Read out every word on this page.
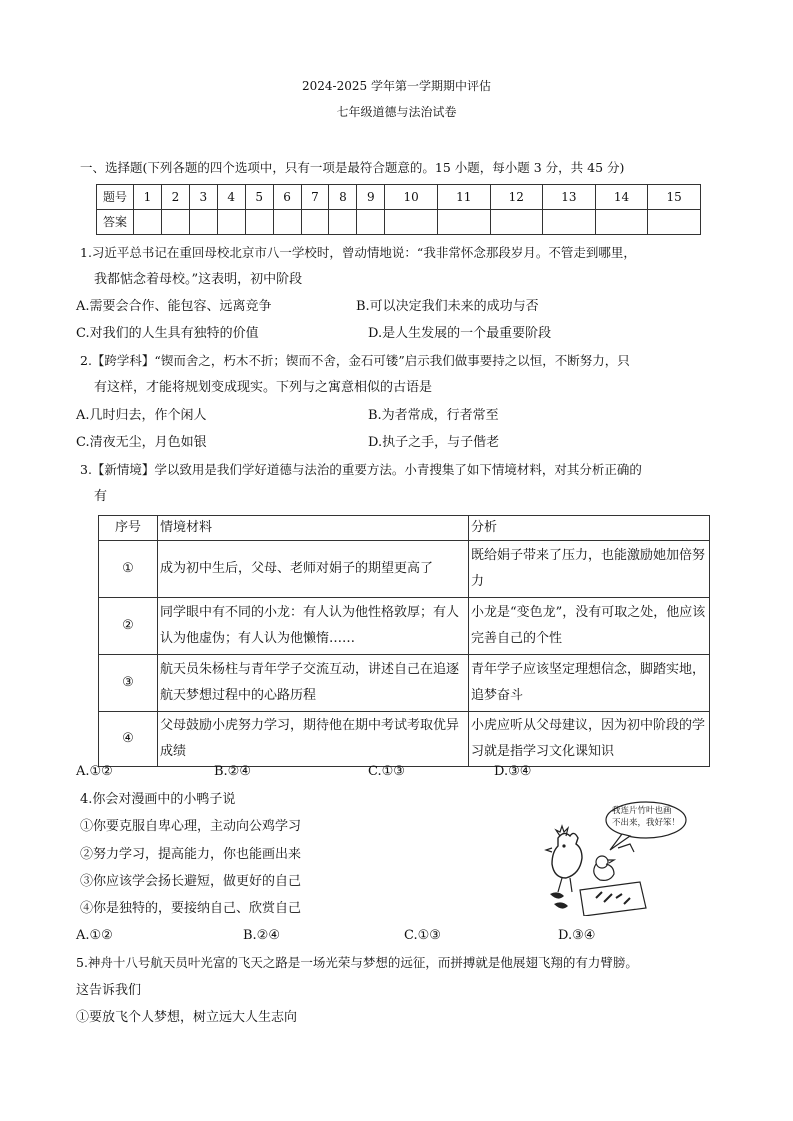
2024-2025 学年第一学期期中评估
七年级道德与法治试卷
一、选择题(下列各题的四个选项中，只有一项是最符合题意的。15 小题，每小题 3 分，共 45 分)
题号	1	2	3	4	5	6	7	8	9	10	11	12	13	14	15
答案															
1.习近平总书记在重回母校北京市八一学校时，曾动情地说：“我非常怀念那段岁月。不管走到哪里，
我都惦念着母校。”这表明，初中阶段
A.需要会合作、能包容、远离竞争	B.可以决定我们未来的成功与否
C.对我们的人生具有独特的价值	D.是人生发展的一个最重要阶段
2.【跨学科】“锲而舍之，朽木不折；锲而不舍，金石可镂”启示我们做事要持之以恒，不断努力，只
有这样，才能将规划变成现实。下列与之寓意相似的古语是
A.几时归去，作个闲人	B.为者常成，行者常至
C.清夜无尘，月色如银	D.执子之手，与子偕老
3.【新情境】学以致用是我们学好道德与法治的重要方法。小青搜集了如下情境材料，对其分析正确的
有
序号	情境材料	分析
①	成为初中生后，父母、老师对娟子的期望更高了	既给娟子带来了压力，也能激励她加倍努力
②	同学眼中有不同的小龙：有人认为他性格敦厚；有人认为他虚伪；有人认为他懒惰……	小龙是“变色龙”，没有可取之处，他应该完善自己的个性
③	航天员朱杨柱与青年学子交流互动，讲述自己在追逐航天梦想过程中的心路历程	青年学子应该坚定理想信念，脚踏实地，追梦奋斗
④	父母鼓励小虎努力学习，期待他在期中考试考取优异成绩	小虎应听从父母建议，因为初中阶段的学习就是指学习文化课知识
A.①②	B.②④	C.①③	D.③④
4.你会对漫画中的小鸭子说
①你要克服自卑心理，主动向公鸡学习
②努力学习，提高能力，你也能画出来
③你应该学会扬长避短，做更好的自己
④你是独特的，要接纳自己、欣赏自己
我连片竹叶也画
不出来，我好笨！
A.①②	B.②④	C.①③	D.③④
5.神舟十八号航天员叶光富的飞天之路是一场光荣与梦想的远征，而拼搏就是他展翅飞翔的有力臂膀。
这告诉我们
①要放飞个人梦想，树立远大人生志向
